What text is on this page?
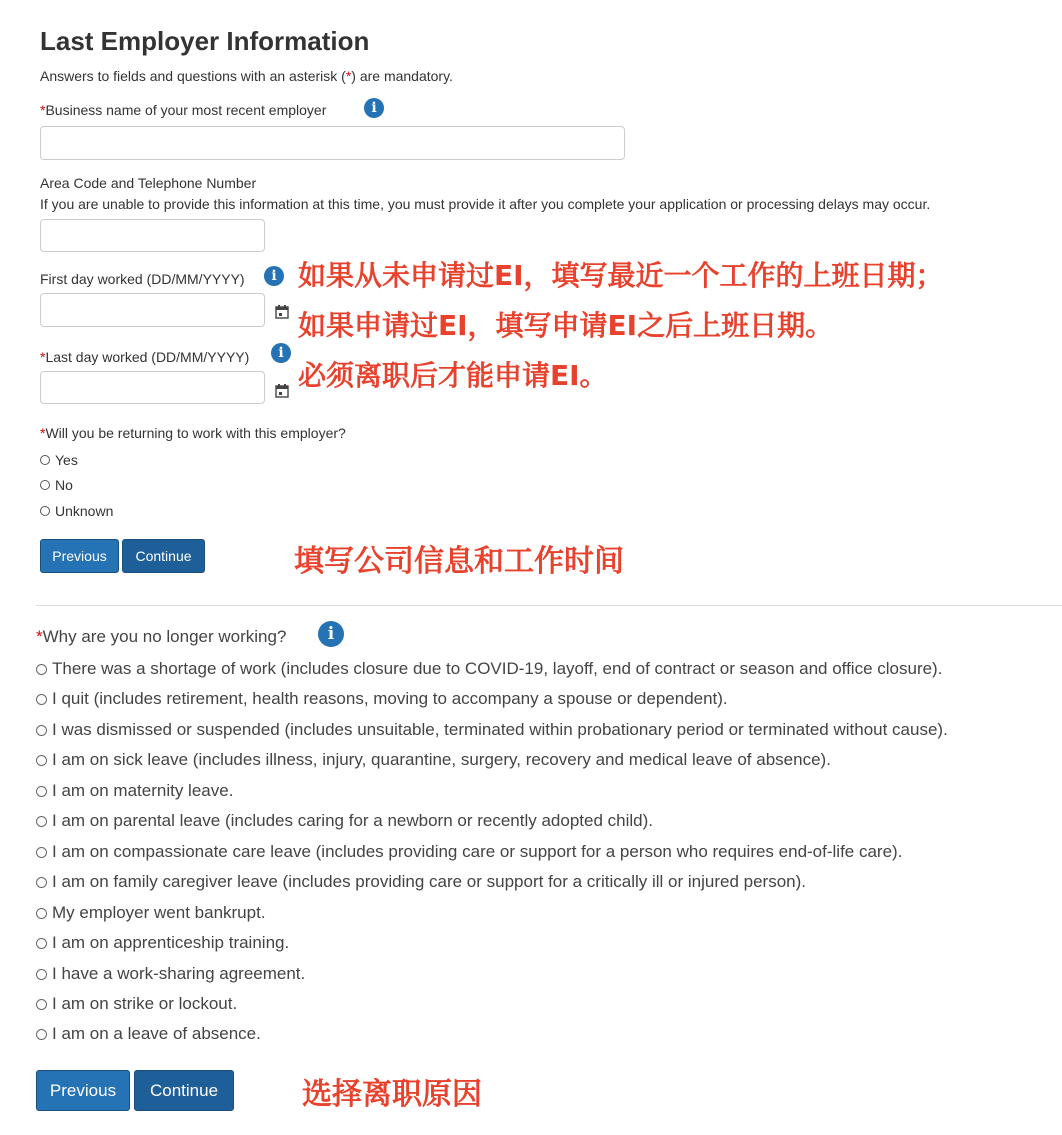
Last Employer Information
Answers to fields and questions with an asterisk (*) are mandatory.
*Business name of your most recent employer	i
Area Code and Telephone Number
If you are unable to provide this information at this time, you must provide it after you complete your application or processing delays may occur.
First day worked (DD/MM/YYYY)	i
*Last day worked (DD/MM/YYYY)	i
如果从未申请过EI，填写最近一个工作的上班日期；
如果申请过EI，填写申请EI之后上班日期。
必须离职后才能申请EI。
*Will you be returning to work with this employer?
Yes
No
Unknown
Previous	Continue	填写公司信息和工作时间
*Why are you no longer working?	i
There was a shortage of work (includes closure due to COVID-19, layoff, end of contract or season and office closure).
I quit (includes retirement, health reasons, moving to accompany a spouse or dependent).
I was dismissed or suspended (includes unsuitable, terminated within probationary period or terminated without cause).
I am on sick leave (includes illness, injury, quarantine, surgery, recovery and medical leave of absence).
I am on maternity leave.
I am on parental leave (includes caring for a newborn or recently adopted child).
I am on compassionate care leave (includes providing care or support for a person who requires end-of-life care).
I am on family caregiver leave (includes providing care or support for a critically ill or injured person).
My employer went bankrupt.
I am on apprenticeship training.
I have a work-sharing agreement.
I am on strike or lockout.
I am on a leave of absence.
Previous	Continue	选择离职原因
